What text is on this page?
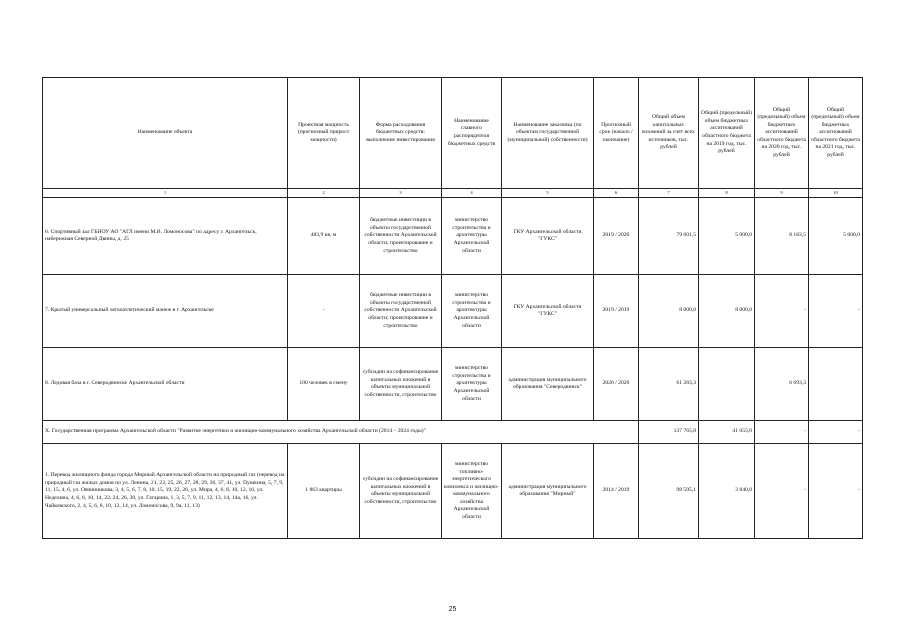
Наименование объекта	Проектная мощность (прогнозный прирост мощности)	Форма расходования бюджетных средств: выполнение инвестирования	Наименование главного распорядителя бюджетных средств	Наименование заказчика (по объектам государственной (муниципальной) собственности)	Прогнозный срок (начало / окончание)	Общий объем капитальных вложений за счет всех источников, тыс. рублей	Общий (предельный) объем бюджетных ассигнований областного бюджета на 2019 год, тыс. рублей	Общий (предельный) объем бюджетных ассигнований областного бюджета на 2020 год, тыс. рублей	Общий (предельный) объем бюджетных ассигнований областного бюджета на 2021 год, тыс. рублей
1	2	3	4	5	6	7	8	9	10
6. Спортивный зал ГБНОУ АО "АГЛ имени М.В. Ломоносова" по адресу г. Архангельск, набережная Северной Двины, д. 25	483,9 кв. м	бюджетные инвестиции в объекты государственной собственности Архангельской области; проектирование и строительство	министерство строительства и архитектуры Архангельской области	ГКУ Архангельской области "ГУКС"	2019 / 2020	79 601,5	5 000,0	8 183,5	5 000,0
7. Крытый универсальный легкоатлетический манеж в г. Архангельске	-	бюджетные инвестиции в объекты государственной собственности Архангельской области; проектирование и строительство	министерство строительства и архитектуры Архангельской области	ГКУ Архангельской области "ГУКС"	2019 / 2019	8 000,0	8 000,0	-	-
8. Ледовая база в г. Северодвинске Архангельской области	100 человек в смену	субсидии на софинансирование капитальных вложений в объекты муниципальной собственности, строительство	министерство строительства и архитектуры Архангельской области	администрация муниципального образования "Северодвинск"	2020 / 2020	61 283,3		6 693,3	
X. Государственная программа Архангельской области "Развитие энергетики и жилищно-коммунального хозяйства Архангельской области (2014 – 2024 годы)"						137 765,8	41 055,0	-	-
1. Перевод жилищного фонда города Мирный Архангельской области на природный газ (перевод на природный газ жилых домов по ул. Ленина, 21, 23, 25, 26, 27, 28, 29, 30, 37, 41, ул. Пушкина, 5, 7, 9, 11, 15, 4, 6, ул. Овчинникова, 3, 4, 5, 6, 7, 8, 10, 15, 19, 22, 26, ул. Мира, 4, 6, 8, 10, 12, 16, ул. Неделина, 4, 6, 8, 10, 14, 22, 24, 26, 30, ул. Гагарина, 1, 3, 5, 7, 9, 11, 12, 13, 14, 14а, 16, ул. Чайковского, 2, 4, 5, 6, 8, 10, 12, 14, ул. Ломоносова, 9, 9а, 11, 13)	1 863 квартиры	субсидии на софинансирование капитальных вложений в объекты муниципальной собственности, строительство	министерство топливно-энергетического комплекса и жилищно-коммунального хозяйства Архангельской области	администрация муниципального образования "Мирный"	2014 / 2019	98 595,1	3 840,0	-	-
25
